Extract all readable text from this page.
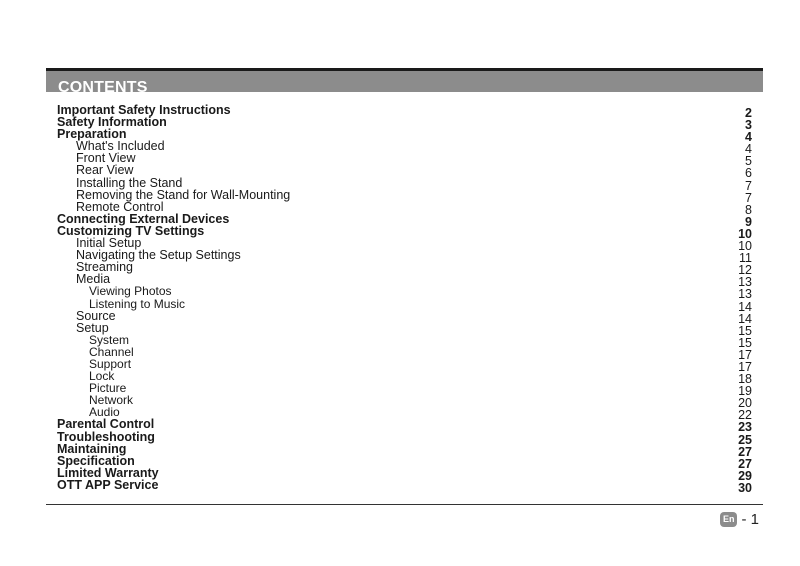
CONTENTS
Important Safety Instructions	2
Safety Information	3
Preparation	4
What's Included	4
Front View	5
Rear View	6
Installing the Stand	7
Removing the Stand for Wall-Mounting	7
Remote Control	8
Connecting External Devices	9
Customizing TV Settings	10
Initial Setup	10
Navigating the Setup Settings	11
Streaming	12
Media	13
Viewing Photos	13
Listening to Music	14
Source	14
Setup	15
System	15
Channel	17
Support	17
Lock	18
Picture	19
Network	20
Audio	22
Parental Control	23
Troubleshooting	25
Maintaining	27
Specification	27
Limited Warranty	29
OTT APP Service	30
En - 1
